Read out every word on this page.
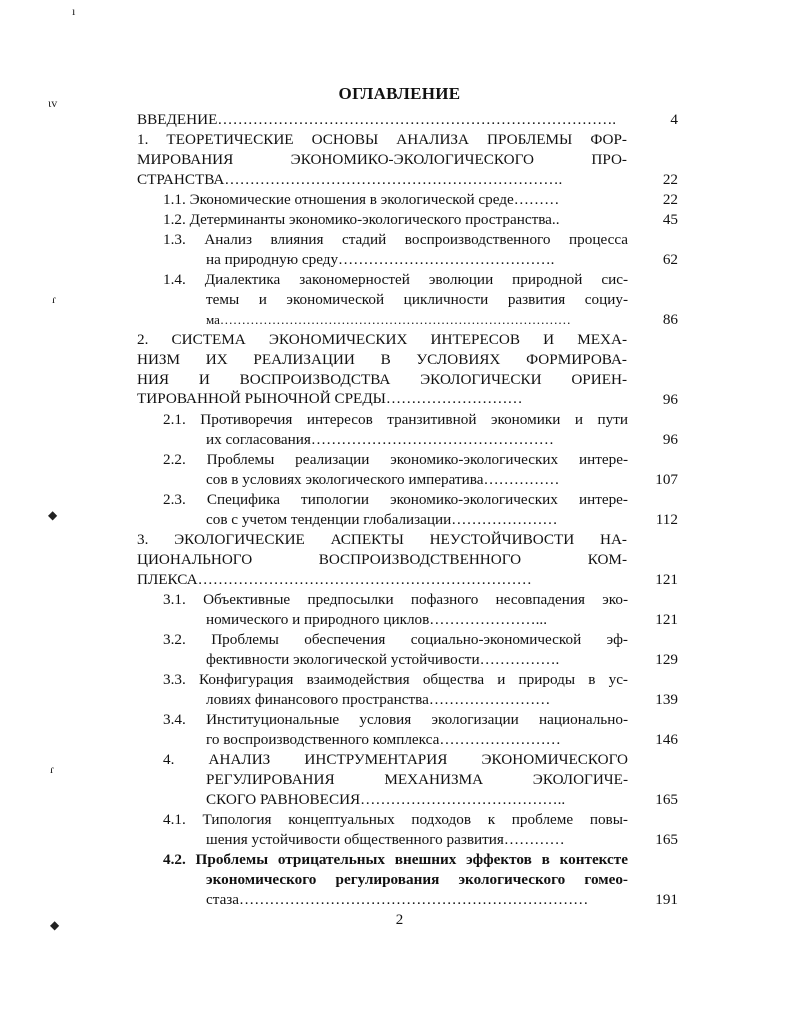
ɩv
ɾ
◆
ɾ
◆
ı
ОГЛАВЛЕНИЕ
ВВЕДЕНИЕ…………………………………………………………………….	4
1. ТЕОРЕТИЧЕСКИЕ ОСНОВЫ АНАЛИЗА ПРОБЛЕМЫ ФОР-
МИРОВАНИЯ ЭКОНОМИКО-ЭКОЛОГИЧЕСКОГО ПРО-
СТРАНСТВА………………………………………………………….	22
1.1. Экономические отношения в экологической среде………	22
1.2. Детерминанты экономико-экологического пространства..	45
1.3. Анализ влияния стадий воспроизводственного процесса
на природную среду…………………………………….	62
1.4. Диалектика закономерностей эволюции природной сис-
темы и экономической цикличности развития социу-
ма………………………………………………………………………	86
2. СИСТЕМА ЭКОНОМИЧЕСКИХ ИНТЕРЕСОВ И МЕХА-
НИЗМ ИХ РЕАЛИЗАЦИИ В УСЛОВИЯХ ФОРМИРОВА-
НИЯ И ВОСПРОИЗВОДСТВА ЭКОЛОГИЧЕСКИ ОРИЕН-
ТИРОВАННОЙ РЫНОЧНОЙ СРЕДЫ………………………	96
2.1. Противоречия интересов транзитивной экономики и пути
их согласования…………………………………………	96
2.2. Проблемы реализации экономико-экологических интере-
сов в условиях экологического императива……………	107
2.3. Специфика типологии экономико-экологических интере-
сов с учетом тенденции глобализации…………………	112
3. ЭКОЛОГИЧЕСКИЕ АСПЕКТЫ НЕУСТОЙЧИВОСТИ НА-
ЦИОНАЛЬНОГО ВОСПРОИЗВОДСТВЕННОГО КОМ-
ПЛЕКСА…………………………………………………………	121
3.1. Объективные предпосылки пофазного несовпадения эко-
номического и природного циклов…………………...	121
3.2. Проблемы обеспечения социально-экономической эф-
фективности экологической устойчивости…………….	129
3.3. Конфигурация взаимодействия общества и природы в ус-
ловиях финансового пространства……………………	139
3.4. Институциональные условия экологизации национально-
го воспроизводственного комплекса……………………	146
4. АНАЛИЗ ИНСТРУМЕНТАРИЯ ЭКОНОМИЧЕСКОГО
РЕГУЛИРОВАНИЯ МЕХАНИЗМА ЭКОЛОГИЧЕ-
СКОГО РАВНОВЕСИЯ…………………………………..	165
4.1. Типология концептуальных подходов к проблеме повы-
шения устойчивости общественного развития…………	165
4.2. Проблемы отрицательных внешних эффектов в контексте
экономического регулирования экологического гомео-
стаза……………………………………………………………	191
2
